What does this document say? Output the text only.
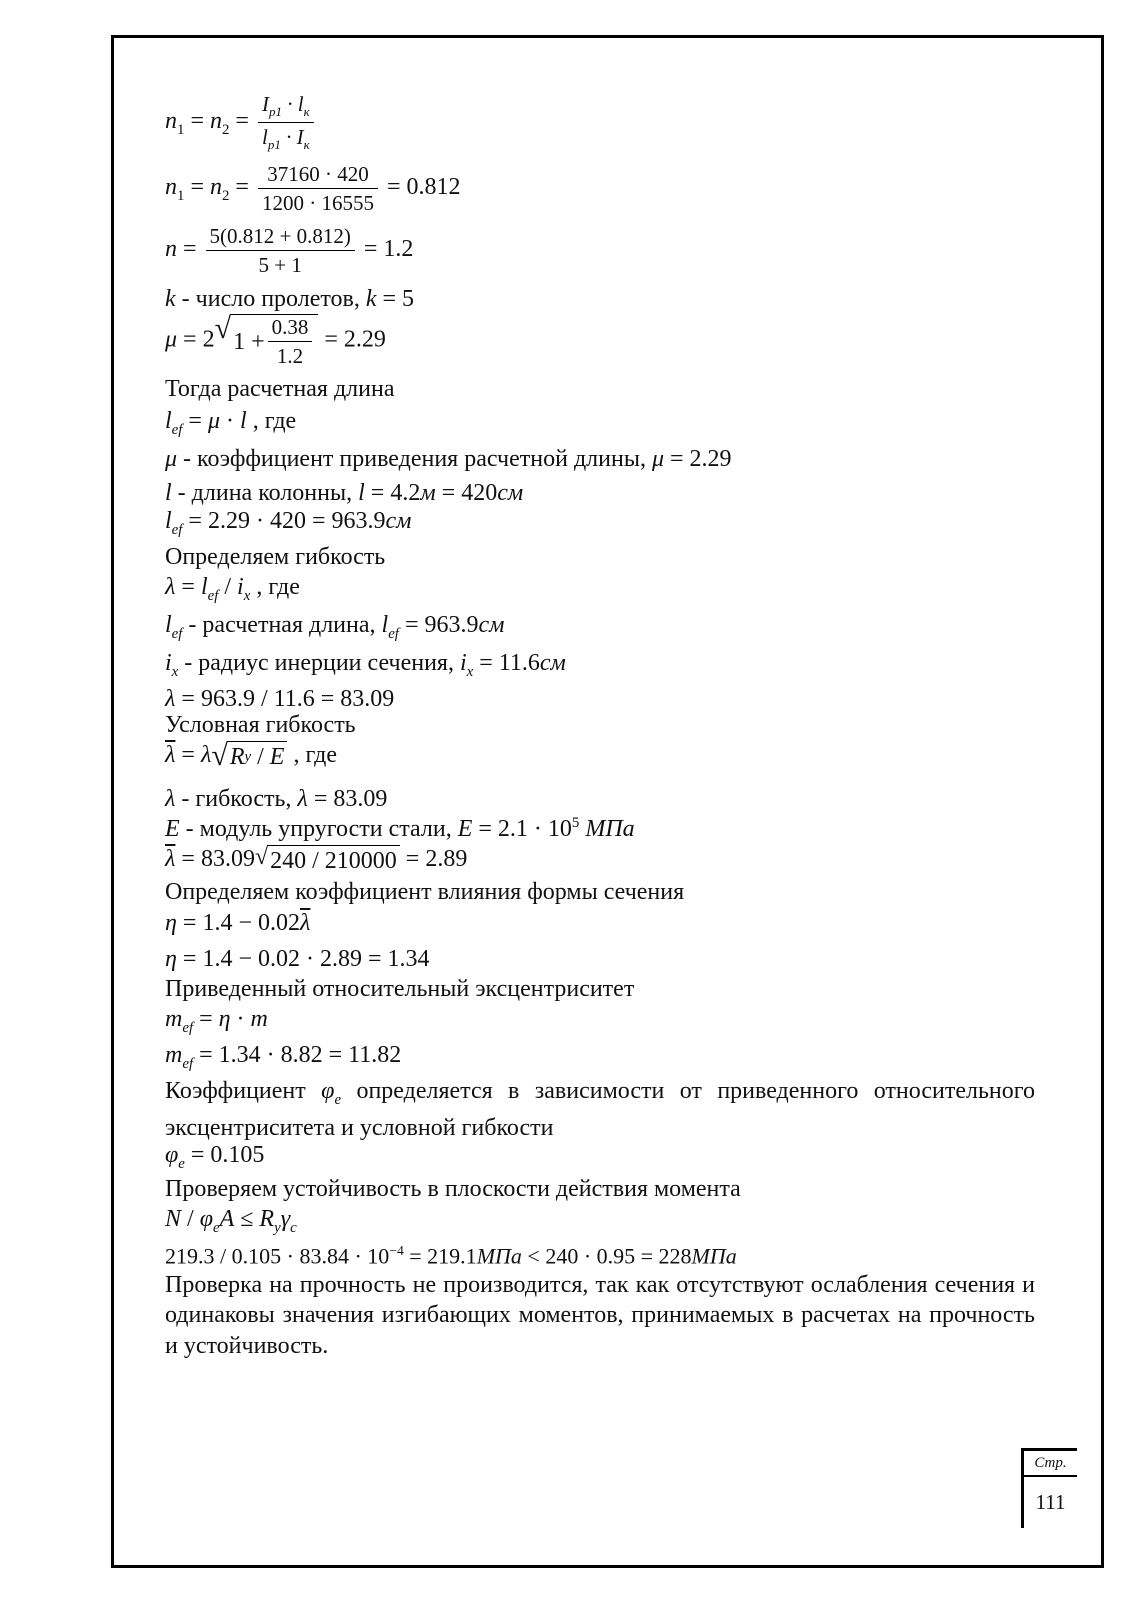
$n_1 = n_2 = \frac{I_{p1} \cdot l_к}{l_{p1} \cdot I_к}$
$n_1 = n_2 = \frac{37160 \cdot 420}{1200 \cdot 16555} = 0.812$
$n = \frac{5(0.812 + 0.812)}{5 + 1} = 1.2$
k - число пролетов, k = 5
μ = 2 √ $1 + \frac{0.38}{1.2} = 2.29$
Тогда расчетная длина
$l_{ef} = \mu \cdot l$ , где
μ - коэффициент приведения расчетной длины, μ = 2.29
l - длина колонны, l = 4.2м = 420см
$l_{ef} = 2.29 \cdot 420 = 963.9см$
Определяем гибкость
$\lambda = l_{ef} / i_x$ , где
$l_{ef}$ - расчетная длина, $l_{ef} = 963.9см$
$i_x$ - радиус инерции сечения, $i_x = 11.6см$
λ = 963.9 / 11.6 = 83.09
Условная гибкость
$\overline{\lambda} = \lambda$ √ R y / E , где
λ - гибкость, λ = 83.09
E - модуль упругости стали, $E = 2.1 \cdot 10^5$ МПа
$\overline{\lambda} = 83.09$ √ 240 / 210000 = 2.89
Определяем коэффициент влияния формы сечения
$\eta = 1.4 - 0.02\overline{\lambda}$
η = 1.4 − 0.02 · 2.89 = 1.34
Приведенный относительный эксцентриситет
$m_{ef} = \eta \cdot m$
$m_{ef} = 1.34 \cdot 8.82 = 11.82$
Коэффициент $\varphi_e$ определяется в зависимости от приведенного относительного эксцентриситета и условной гибкости
$\varphi_e = 0.105$
Проверяем устойчивость в плоскости действия момента
$N / \varphi_eA \le R_y\gamma_c$
$219.3 / 0.105 \cdot 83.84 \cdot 10^{-4} = 219.1МПа < 240 \cdot 0.95 = 228МПа$
Проверка на прочность не производится, так как отсутствуют ослабления сечения и одинаковы значения изгибающих моментов, принимаемых в расчетах на прочность и устойчивость.
Стр.
111
